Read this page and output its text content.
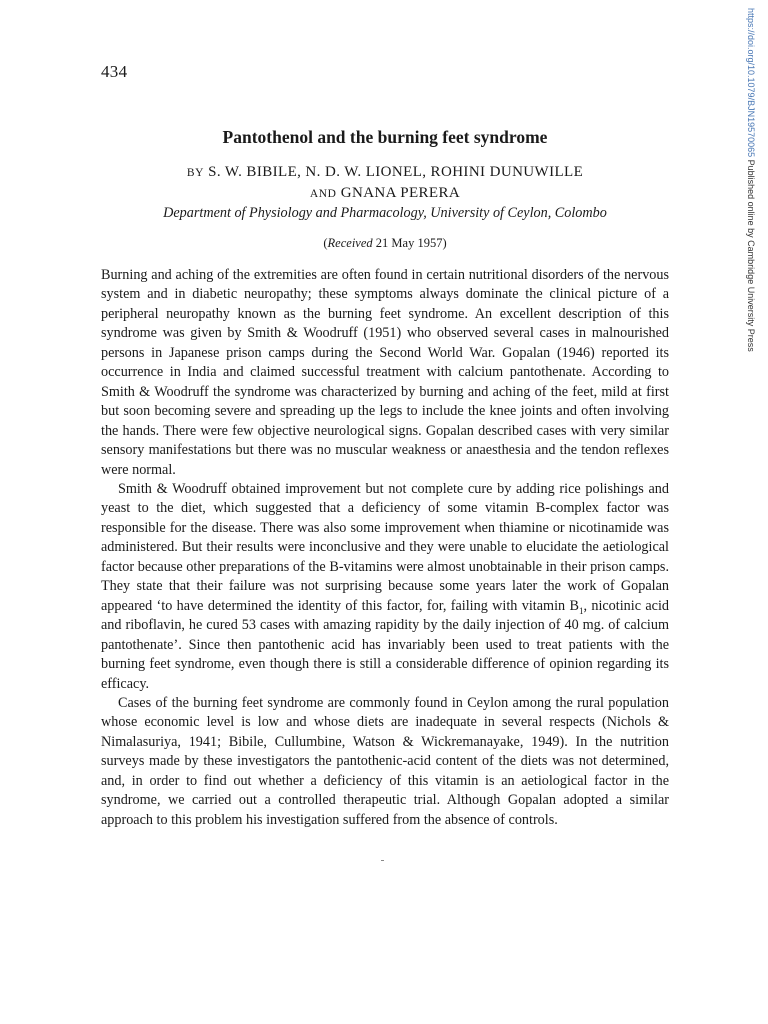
434	https://doi.org/10.1079/BJN19570065 Published online by Cambridge University Press
Pantothenol and the burning feet syndrome
BY S. W. BIBILE, N. D. W. LIONEL, ROHINI DUNUWILLE
AND GNANA PERERA
Department of Physiology and Pharmacology, University of Ceylon, Colombo
(Received 21 May 1957)

Burning and aching of the extremities are often found in certain nutritional disorders of the nervous system and in diabetic neuropathy; these symptoms always dominate the clinical picture of a peripheral neuropathy known as the burning feet syndrome. An excellent description of this syndrome was given by Smith & Woodruff (1951) who observed several cases in malnourished persons in Japanese prison camps during the Second World War. Gopalan (1946) reported its occurrence in India and claimed successful treatment with calcium pantothenate. According to Smith & Woodruff the syndrome was characterized by burning and aching of the feet, mild at first but soon becoming severe and spreading up the legs to include the knee joints and often involving the hands. There were few objective neurological signs. Gopalan described cases with very similar sensory manifestations but there was no muscular weakness or anaesthesia and the tendon reflexes were normal.

Smith & Woodruff obtained improvement but not complete cure by adding rice polishings and yeast to the diet, which suggested that a deficiency of some vitamin B-complex factor was responsible for the disease. There was also some improvement when thiamine or nicotinamide was administered. But their results were inconclusive and they were unable to elucidate the aetiological factor because other preparations of the B-vitamins were almost unobtainable in their prison camps. They state that their failure was not surprising because some years later the work of Gopalan appeared ‘to have determined the identity of this factor, for, failing with vitamin $B_1$, nicotinic acid and riboflavin, he cured 53 cases with amazing rapidity by the daily injection of 40 mg. of calcium pantothenate’. Since then pantothenic acid has invariably been used to treat patients with the burning feet syndrome, even though there is still a considerable difference of opinion regarding its efficacy.

Cases of the burning feet syndrome are commonly found in Ceylon among the rural population whose economic level is low and whose diets are inadequate in several respects (Nichols & Nimalasuriya, 1941; Bibile, Cullumbine, Watson & Wickremanayake, 1949). In the nutrition surveys made by these investigators the pantothenic-acid content of the diets was not determined, and, in order to find out whether a deficiency of this vitamin is an aetiological factor in the syndrome, we carried out a controlled therapeutic trial. Although Gopalan adopted a similar approach to this problem his investigation suffered from the absence of controls.
